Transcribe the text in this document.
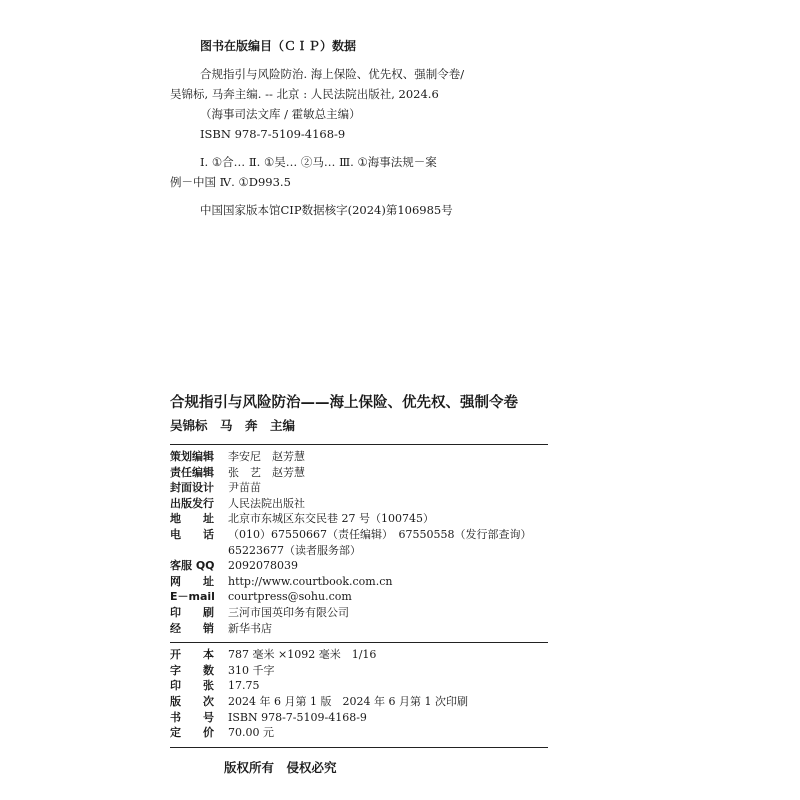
图书在版编目（ＣＩＰ）数据
合规指引与风险防治. 海上保险、优先权、强制令卷/
吴锦标, 马奔主编. -- 北京 : 人民法院出版社, 2024.6
（海事司法文库 / 霍敏总主编）
ISBN 978-7-5109-4168-9
Ⅰ. ①合… Ⅱ. ①吴… ②马… Ⅲ. ①海事法规－案
例－中国 Ⅳ. ①D993.5
中国国家版本馆CIP数据核字(2024)第106985号
合规指引与风险防治——海上保险、优先权、强制令卷
吴锦标　马　奔　主编
策划编辑	李安尼　赵芳慧
责任编辑	张　艺　赵芳慧
封面设计	尹苗苗
出版发行	人民法院出版社
地　　址	北京市东城区东交民巷 27 号（100745）
电　　话	（010）67550667（责任编辑）　67550558（发行部查询）
	65223677（读者服务部）
客服 QQ	2092078039
网　　址	http://www.courtbook.com.cn
E－mail	courtpress@sohu.com
印　　刷	三河市国英印务有限公司
经　　销	新华书店
开　　本	787 毫米 ×1092 毫米　1/16
字　　数	310 千字
印　　张	17.75
版　　次	2024 年 6 月第 1 版　2024 年 6 月第 1 次印刷
书　　号	ISBN 978-7-5109-4168-9
定　　价	70.00 元
版权所有　侵权必究
